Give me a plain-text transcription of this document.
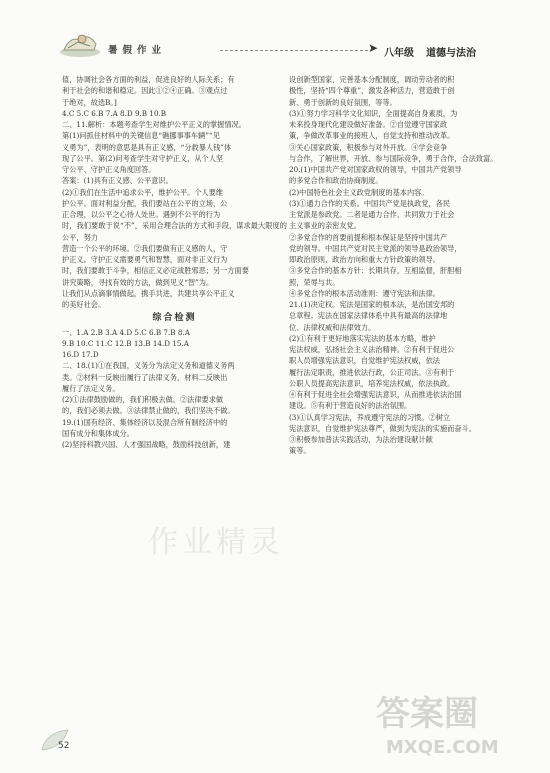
暑假作业	➤ 八年级 道德与法治

值，协调社会各方面的利益，促进良好的人际关系；有

利于社会的和谐和稳定。因此①②④正确。③观点过

于绝对，故选B。]

4.C 5.C 6.B 7.A 8.D 9.B 10.B

二、11.解析：本题考查学生对维护公平正义的掌握情况。

第(1)问抓住材料中的关键信息“礁挪事事车辆”“见

义勇为”，表明的意思是具有正义感，“分救暴人钱”体

现了公平。第(2)问考查学生对守护正义，从个人坚

守公平、守护正义角度回答。

答案：(1)具有正义感、公平意识。

(2)①我们在生活中追求公平，维护公平。个人要维

护公平。面对利益分配，我们要站在公平的立场，公

正合理，以公平之心待人处世。遇到不公平的行为

时，我们要敢于说“不”，采用合理合法的方式和手段，谋求最大限度的公平，努力

营造一个公平的环境。②我们要做有正义感的人，守

护正义。守护正义需要勇气和智慧，面对非正义行为

时，我们要敢于斗争，相信正义必定战胜邪恶；另一方面要

讲究策略，寻找有效的方法，做到见义“智”为。

让我们从点滴事情做起，携手共进，共建共享公平正义

的美好社会。

综合检测

一、1.A 2.B 3.A 4.D 5.C 6.B 7.B 8.A

9.B 10.C 11.C 12.B 13.B 14.D 15.A

16.D 17.D

二、18.(1)①在我国，义务分为法定义务和道德义务两

类。②材料一反映出履行了法律义务，材料二反映出

履行了法定义务。

(2)①法律鼓励做的，我们积极去做。②法律要求做

的，我们必须去做。③法律禁止做的，我们坚决不做。

19.(1)国有经济、集体经济以及混合所有制经济中的

国有成分和集体成分。

(2)坚持科教兴国、人才强国战略，鼓励科技创新，建

设创新型国家，完善基本分配制度，调动劳动者的积

极性，坚持“四个尊重”，激发各种活力，营造敢于创

新、勇于创新的良好氛围，等等。

(3)①努力学习科学文化知识，全面提高自身素质，为

未来投身现代化建设做好准备。②自觉遵守国家政

策，争做改革事业的接班人，自觉支持和推动改革。

③关心国家政策，积极参与对外开放。④学会竞争

与合作，了解世界，开放、参与国际竞争，勇于合作，合法致富。

20.(1)中国共产党对国家政权的领导，中国共产党领导

的多党合作和政治协商制度。

(2)中国特色社会主义政党制度的基本内容。

(3)①通力合作的关系。中国共产党是执政党，各民

主党派是参政党。二者是通力合作、共同致力于社会

主义事业的亲密友党。

②多党合作的首要前提和根本保证是坚持中国共产

党的领导。中国共产党对民主党派的领导是政治领导，

即政治原则、政治方向和重大方针政策的领导。

③多党合作的基本方针：长期共存，互相监督，肝胆相

照，荣辱与共。

④多党合作的根本活动准则：遵守宪法和法律。

21.(1)决定权。宪法是国家的根本法，是治国安邦的

总章程。宪法在国家法律体系中具有最高的法律地

位、法律权威和法律效力。

(2)①有利于更好地落实宪法的基本方略，维护

宪法权威，弘扬社会主义法治精神。②有利于促进公

职人员增强宪法意识，自觉维护宪法权威，依法

履行法定职责，推进依法行政，公正司法。③有利于

公职人员提高宪法意识，培养宪法权威，依法执政。

④有利于促进全社会增强宪法意识，从而推进依法治国

建设。⑤有利于营造良好的法治氛围。

(3)①认真学习宪法，养成遵守宪法的习惯。②树立

宪法意识，自觉维护宪法尊严，做到为宪法的实施而奋斗。

③积极参加普法实践活动，为法治建设献计献

策等。

作业精灵
答案圈
MXQE.COM
52
